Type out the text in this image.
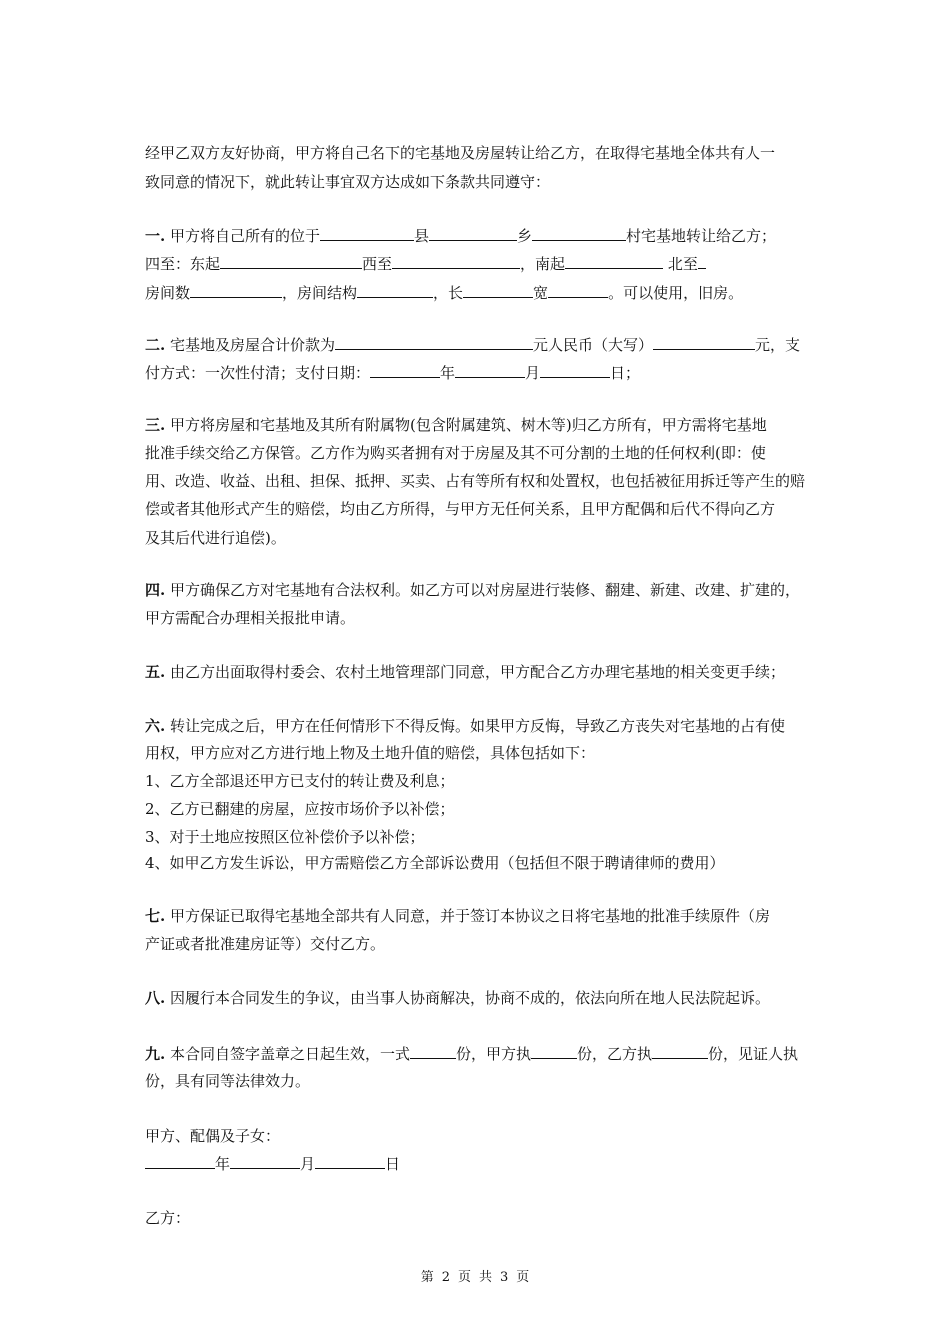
经甲乙双方友好协商，甲方将自己名下的宅基地及房屋转让给乙方，在取得宅基地全体共有人一
致同意的情况下，就此转让事宜双方达成如下条款共同遵守：
一. 甲方将自己所有的位于	县	乡	村宅基地转让给乙方；
四至：东起	西至	，南起	北至
房间数	，房间结构	，长	宽	。可以使用，旧房。
二. 宅基地及房屋合计价款为	元人民币（大写）	元，支
付方式：一次性付清；支付日期：	年	月	日；
三. 甲方将房屋和宅基地及其所有附属物(包含附属建筑、树木等)归乙方所有，甲方需将宅基地
批准手续交给乙方保管。乙方作为购买者拥有对于房屋及其不可分割的土地的任何权利(即：使
用、改造、收益、出租、担保、抵押、买卖、占有等所有权和处置权，也包括被征用拆迁等产生的赔
偿或者其他形式产生的赔偿，均由乙方所得，与甲方无任何关系，且甲方配偶和后代不得向乙方
及其后代进行追偿)。
四. 甲方确保乙方对宅基地有合法权利。如乙方可以对房屋进行装修、翻建、新建、改建、扩建的，
甲方需配合办理相关报批申请。
五. 由乙方出面取得村委会、农村土地管理部门同意，甲方配合乙方办理宅基地的相关变更手续；
六. 转让完成之后，甲方在任何情形下不得反悔。如果甲方反悔，导致乙方丧失对宅基地的占有使
用权，甲方应对乙方进行地上物及土地升值的赔偿，具体包括如下：
1、乙方全部退还甲方已支付的转让费及利息；
2、乙方已翻建的房屋，应按市场价予以补偿；
3、对于土地应按照区位补偿价予以补偿；
4、如甲乙方发生诉讼，甲方需赔偿乙方全部诉讼费用（包括但不限于聘请律师的费用）
七. 甲方保证已取得宅基地全部共有人同意，并于签订本协议之日将宅基地的批准手续原件（房
产证或者批准建房证等）交付乙方。
八. 因履行本合同发生的争议，由当事人协商解决，协商不成的，依法向所在地人民法院起诉。
九. 本合同自签字盖章之日起生效，一式	份，甲方执	份，乙方执	份，见证人执
份，具有同等法律效力。
甲方、配偶及子女：
年	月	日
乙方：
第 2 页 共 3 页
